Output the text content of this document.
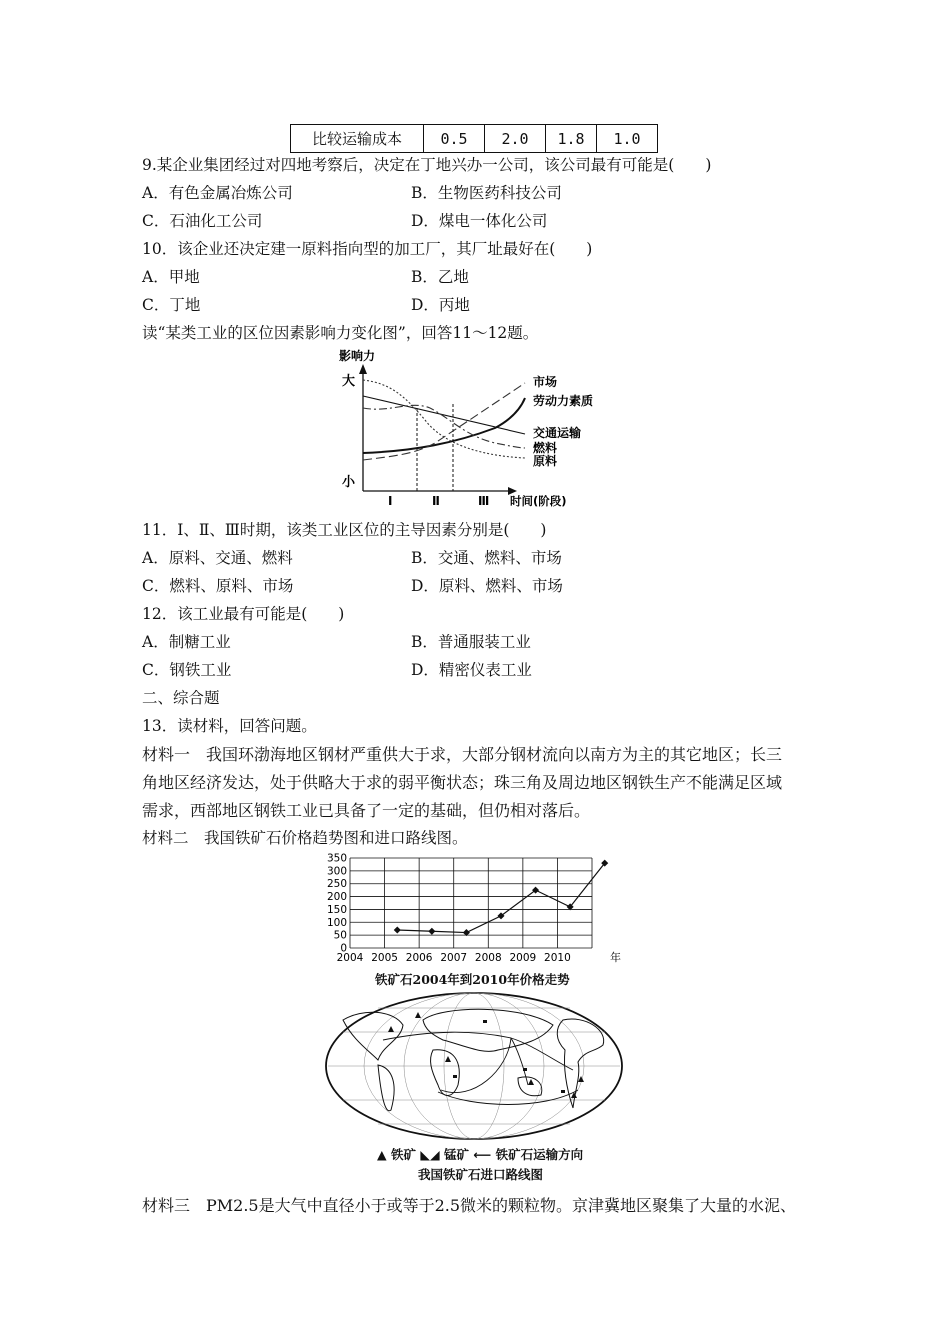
比较运输成本	0.5	2.0	1.8	1.0
9.某企业集团经过对四地考察后，决定在丁地兴办一公司，该公司最有可能是(　　)
A．有色金属冶炼公司	B．生物医药科技公司
C．石油化工公司	D．煤电一体化公司
10．该企业还决定建一原料指向型的加工厂，其厂址最好在(　　)
A．甲地	B．乙地
C．丁地	D．丙地
读“某类工业的区位因素影响力变化图”，回答11～12题。
影响力
大
小
Ⅰ	Ⅱ	Ⅲ 时间(阶段)
市场
劳动力素质
交通运输
燃料
原料
11．Ⅰ、Ⅱ、Ⅲ时期，该类工业区位的主导因素分别是(　　)
A．原料、交通、燃料	B．交通、燃料、市场
C．燃料、原料、市场	D．原料、燃料、市场
12．该工业最有可能是(　　)
A．制糖工业	B．普通服装工业
C．钢铁工业	D．精密仪表工业
二、综合题
13．读材料，回答问题。
材料一　我国环渤海地区钢材严重供大于求，大部分钢材流向以南方为主的其它地区；长三
角地区经济发达，处于供略大于求的弱平衡状态；珠三角及周边地区钢铁生产不能满足区域
需求，西部地区钢铁工业已具备了一定的基础，但仍相对落后。
材料二　我国铁矿石价格趋势图和进口路线图。
0
50
100
150
200
250
300
350
2004 2005 2006 2007 2008 2009 2010	年
铁矿石2004年到2010年价格走势
▲ 铁矿 ◣◢ 锰矿 ⟵ 铁矿石运输方向
我国铁矿石进口路线图
材料三　PM2.5是大气中直径小于或等于2.5微米的颗粒物。京津冀地区聚集了大量的水泥、
